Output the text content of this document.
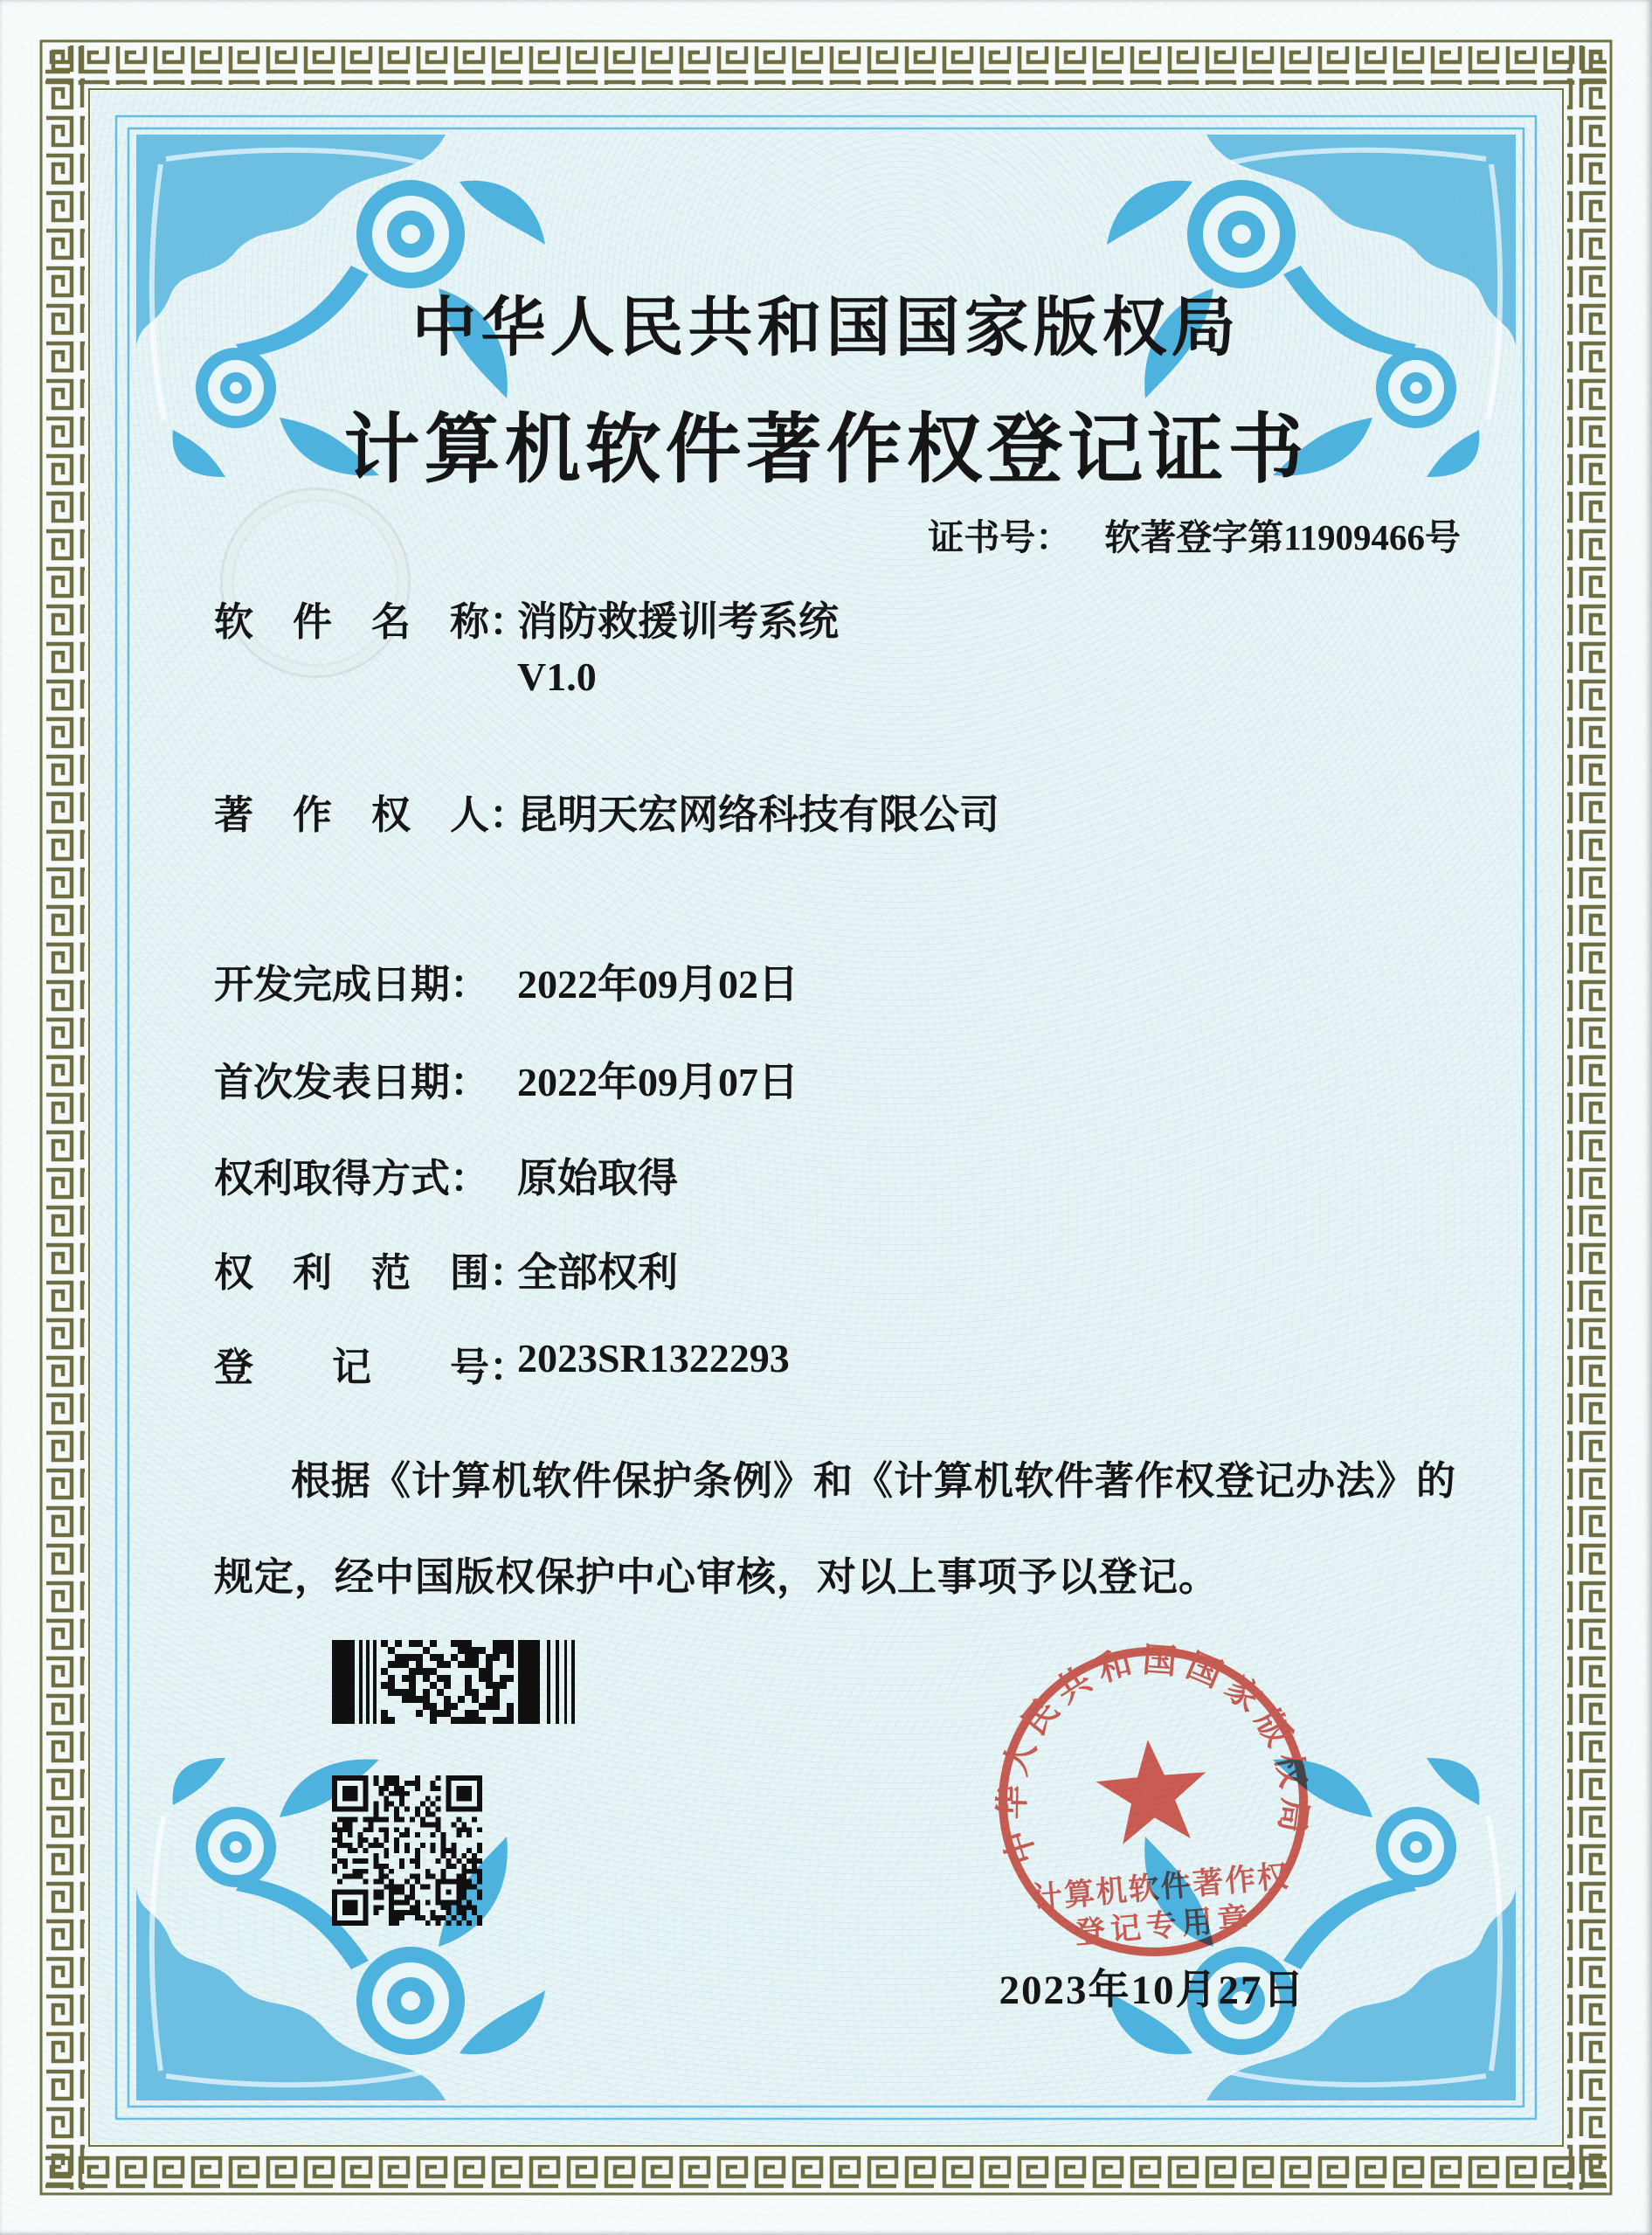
中华人民共和国国家版权局
计算机软件著作权登记证书
证书号： 软著登字第11909466号
软　件　名　称：
消防救援训考系统
V1.0
著　作　权　人：
昆明天宏网络科技有限公司
开发完成日期： 2022年09月02日
首次发表日期： 2022年09月07日
权利取得方式： 原始取得
权　利　范　围：
全部权利
登　　记　　号：
2023SR1322293
根据《计算机软件保护条例》和《计算机软件著作权登记办法》的规定，经中国版权保护中心审核，对以上事项予以登记。
中华人民共和国国家版权局
计算机软件著作权
登记专用章
2023年10月27日
